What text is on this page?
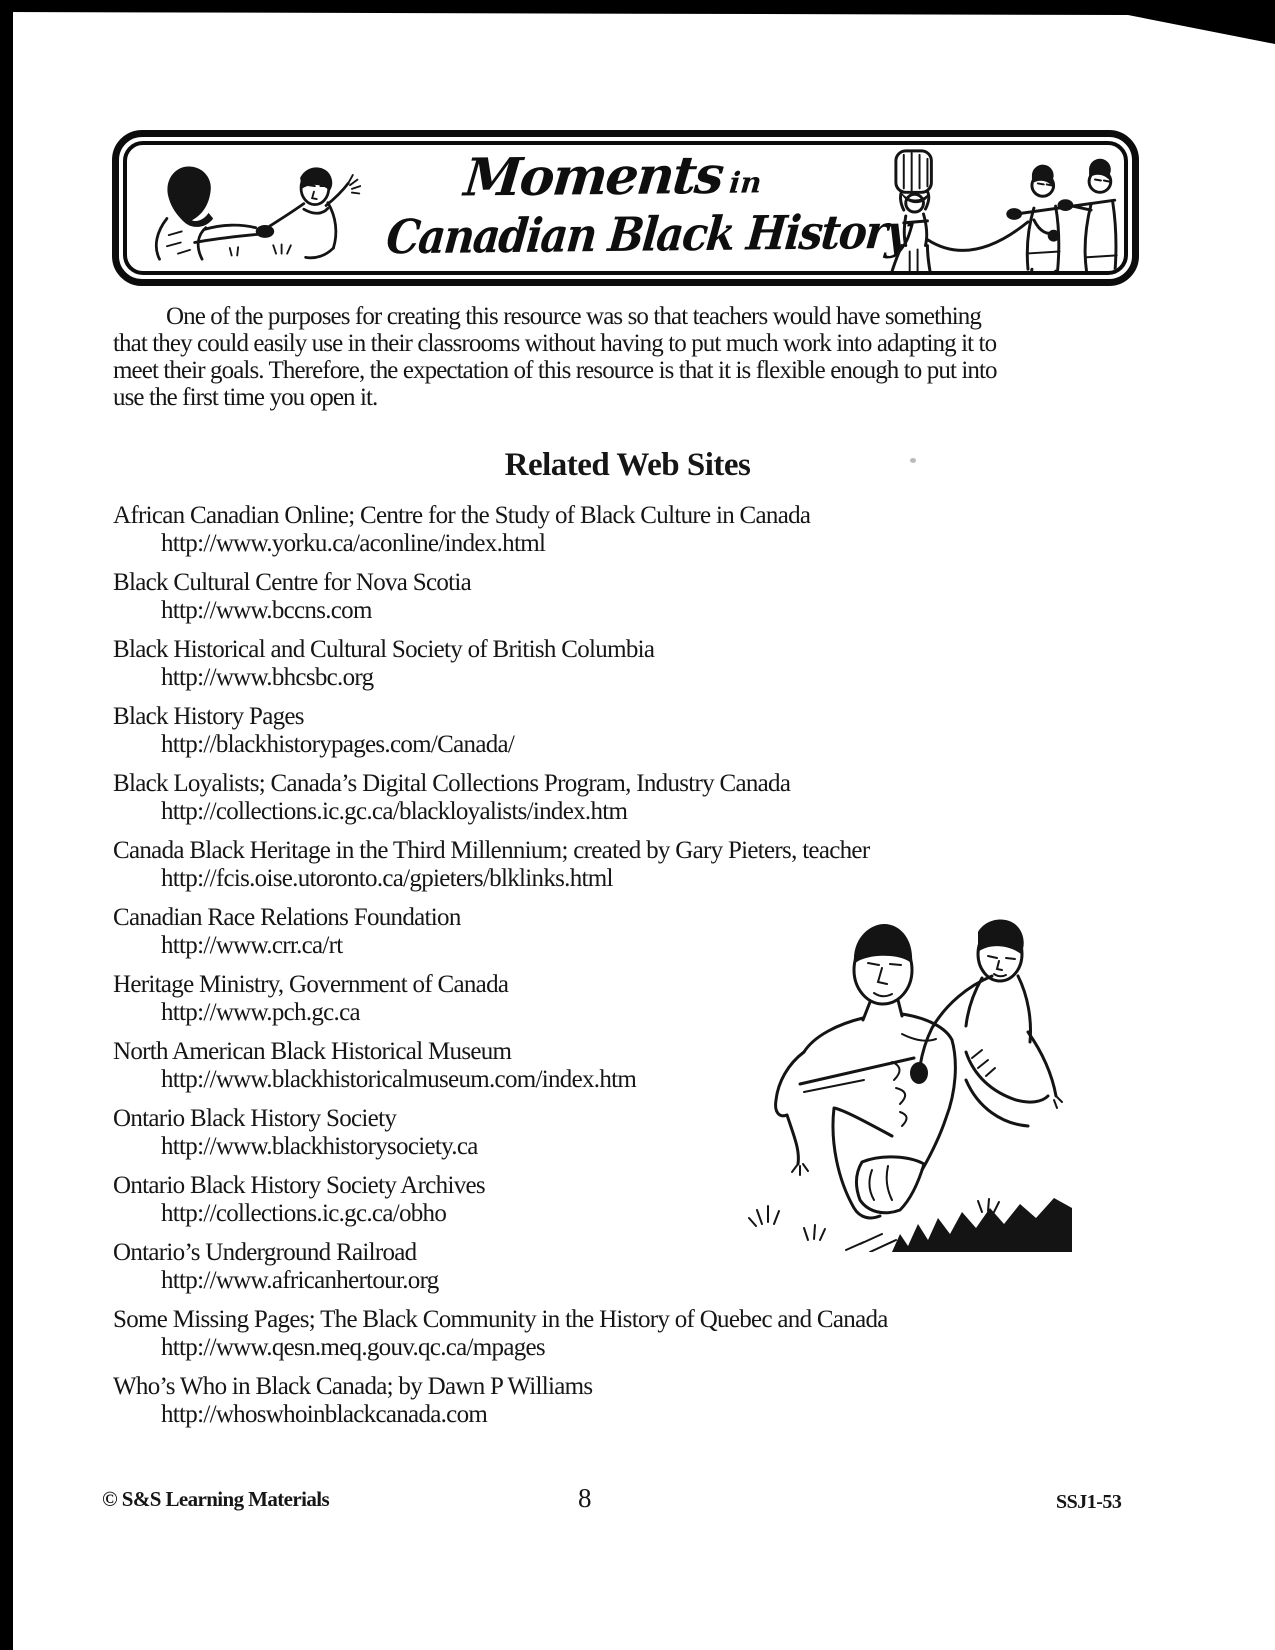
Momentsin
Canadian Black History
One of the purposes for creating this resource was so that teachers would have something
that they could easily use in their classrooms without having to put much work into adapting it to
meet their goals. Therefore, the expectation of this resource is that it is flexible enough to put into
use the first time you open it.
Related Web Sites
African Canadian Online; Centre for the Study of Black Culture in Canada
http://www.yorku.ca/aconline/index.html
Black Cultural Centre for Nova Scotia
http://www.bccns.com
Black Historical and Cultural Society of British Columbia
http://www.bhcsbc.org
Black History Pages
http://blackhistorypages.com/Canada/
Black Loyalists; Canada’s Digital Collections Program, Industry Canada
http://collections.ic.gc.ca/blackloyalists/index.htm
Canada Black Heritage in the Third Millennium; created by Gary Pieters, teacher
http://fcis.oise.utoronto.ca/gpieters/blklinks.html
Canadian Race Relations Foundation
http://www.crr.ca/rt
Heritage Ministry, Government of Canada
http://www.pch.gc.ca
North American Black Historical Museum
http://www.blackhistoricalmuseum.com/index.htm
Ontario Black History Society
http://www.blackhistorysociety.ca
Ontario Black History Society Archives
http://collections.ic.gc.ca/obho
Ontario’s Underground Railroad
http://www.africanhertour.org
Some Missing Pages; The Black Community in the History of Quebec and Canada
http://www.qesn.meq.gouv.qc.ca/mpages
Who’s Who in Black Canada; by Dawn P Williams
http://whoswhoinblackcanada.com
© S&S Learning Materials	8	SSJ1-53
